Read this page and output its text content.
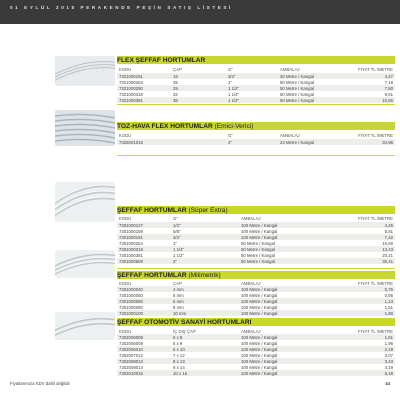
01 EYLÜL 2018 PERAKENDE PEŞİN SATIŞ LİSTESİ
FLEX ŞEFFAF HORTUMLAR
KODU	ÇAP	G"	AMBALAJ	FİYAT TL /METRE
7321000191	19	3/4"	30 Metre / Kangal	4,47
7321000254	25	1"	50 Metre / Kangal	7,18
7321000290	29	1 1/2"	50 Metre / Kangal	7,80
7321000318	32	1 1/4"	50 Metre / Kangal	8,61
7321000381	38	1 1/2"	50 Metre / Kangal	10,66
TOZ-HAVA FLEX HORTUMLAR (Emici-Verici)
KODU	G"	AMBALAJ	FİYAT TL /METRE
7325001016	4"	24 Metre / Kangal	34,96
ŞEFFAF HORTUMLAR (Süper Extra)
KODU	G"	AMBALAJ	FİYAT TL /METRE
7301000127	1/2"	100 Metre / Kangal	4,45
7301000159	5/8"	100 Metre / Kangal	5,81
7301000191	3/4"	100 Metre / Kangal	7,42
7301000254	1"	50 Metre / Kangal	10,69
7301000318	1 1/4"	50 Metre / Kangal	13,43
7301000381	1 1/2"	50 Metre / Kangal	20,21
7301000508	2"	50 Metre / Kangal	30,41
ŞEFFAF HORTUMLAR (Milimetrik)
KODU	ÇAP	AMBALAJ	FİYAT TL /METRE
7301000040	4 mm	100 Metre / Kangal	0,76
7301000050	5 mm	100 Metre / Kangal	0,95
7301000060	6 mm	100 Metre / Kangal	1,13
7301000080	8 mm	100 Metre / Kangal	1,51
7301000100	10 mm	100 Metre / Kangal	1,90
ŞEFFAF OTOMOTİV SANAYİ HORTUMLARI
KODU	İÇ DIŞ ÇAP	AMBALAJ	FİYAT TL /METRE
7302006008	6 x 8	100 Metre / Kangal	1,61
7302005009	5 x 9	100 Metre / Kangal	1,96
7302006010	6 x 10	100 Metre / Kangal	2,19
7302007012	7 x 12	100 Metre / Kangal	3,07
7302008013	8 x 13	100 Metre / Kangal	3,43
7302009014	9 x 14	100 Metre / Kangal	4,19
7302010016	10 x 16	100 Metre / Kangal	5,48
Fiyatlarımıza KDV dahil değildir	44
